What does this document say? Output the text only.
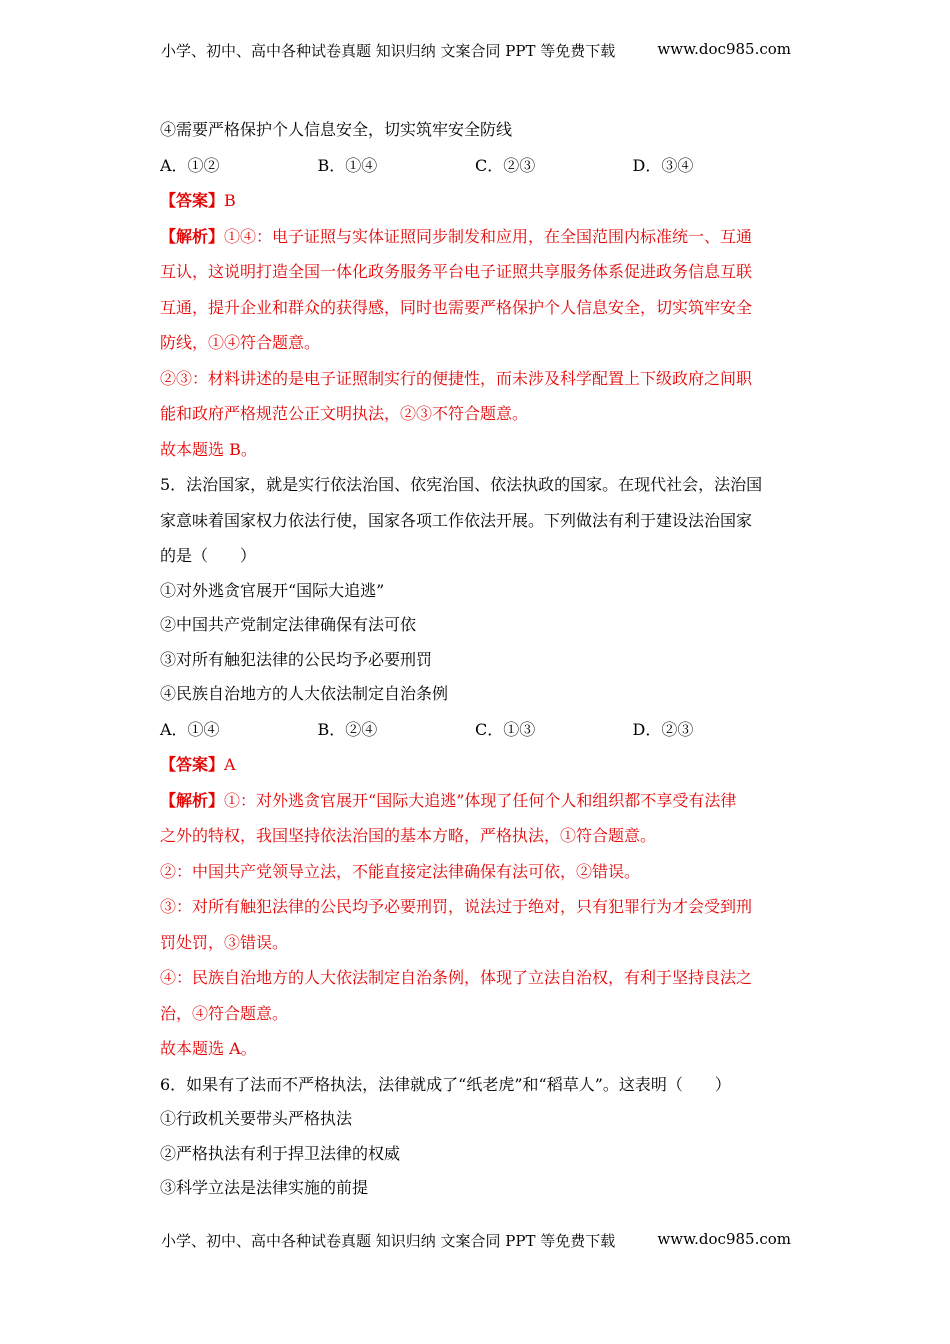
小学、初中、高中各种试卷真题 知识归纳 文案合同 PPT 等免费下载	www.doc985.com
④需要严格保护个人信息安全，切实筑牢安全防线
A．①②	B．①④	C．②③	D．③④
【答案】B
【解析】①④：电子证照与实体证照同步制发和应用，在全国范围内标准统一、互通
互认，这说明打造全国一体化政务服务平台电子证照共享服务体系促进政务信息互联
互通，提升企业和群众的获得感，同时也需要严格保护个人信息安全，切实筑牢安全
防线，①④符合题意。
②③：材料讲述的是电子证照制实行的便捷性，而未涉及科学配置上下级政府之间职
能和政府严格规范公正文明执法，②③不符合题意。
故本题选 B。
5．法治国家，就是实行依法治国、依宪治国、依法执政的国家。在现代社会，法治国
家意味着国家权力依法行使，国家各项工作依法开展。下列做法有利于建设法治国家
的是（　　）
①对外逃贪官展开“国际大追逃”
②中国共产党制定法律确保有法可依
③对所有触犯法律的公民均予必要刑罚
④民族自治地方的人大依法制定自治条例
A．①④	B．②④	C．①③	D．②③
【答案】A
【解析】①：对外逃贪官展开“国际大追逃”体现了任何个人和组织都不享受有法律
之外的特权，我国坚持依法治国的基本方略，严格执法，①符合题意。
②：中国共产党领导立法，不能直接定法律确保有法可依，②错误。
③：对所有触犯法律的公民均予必要刑罚，说法过于绝对，只有犯罪行为才会受到刑
罚处罚，③错误。
④：民族自治地方的人大依法制定自治条例，体现了立法自治权，有利于坚持良法之
治，④符合题意。
故本题选 A。
6．如果有了法而不严格执法，法律就成了“纸老虎”和“稻草人”。这表明（　　）
①行政机关要带头严格执法
②严格执法有利于捍卫法律的权威
③科学立法是法律实施的前提
小学、初中、高中各种试卷真题 知识归纳 文案合同 PPT 等免费下载	www.doc985.com
